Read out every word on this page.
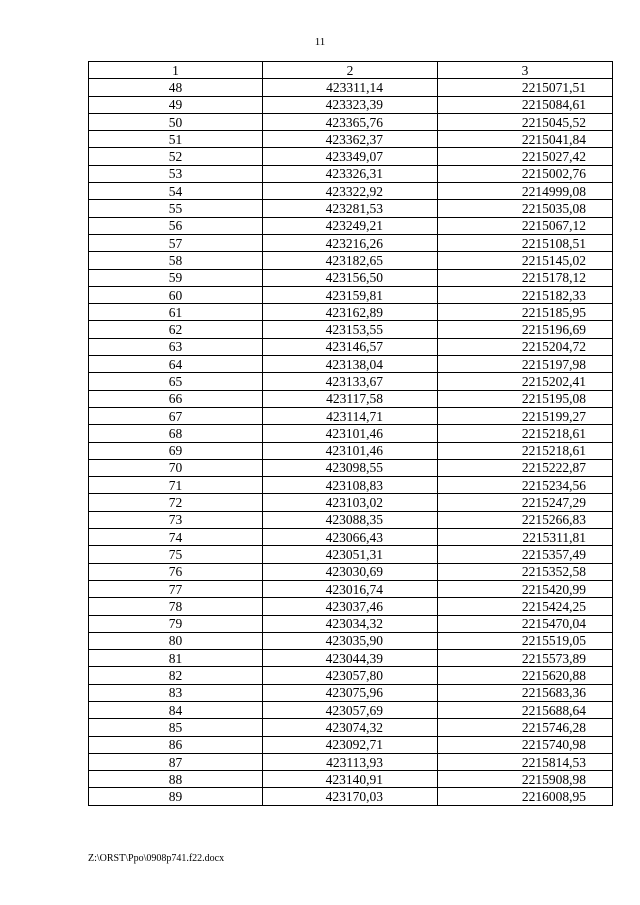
11
1	2	3
48	423311,14	2215071,51
49	423323,39	2215084,61
50	423365,76	2215045,52
51	423362,37	2215041,84
52	423349,07	2215027,42
53	423326,31	2215002,76
54	423322,92	2214999,08
55	423281,53	2215035,08
56	423249,21	2215067,12
57	423216,26	2215108,51
58	423182,65	2215145,02
59	423156,50	2215178,12
60	423159,81	2215182,33
61	423162,89	2215185,95
62	423153,55	2215196,69
63	423146,57	2215204,72
64	423138,04	2215197,98
65	423133,67	2215202,41
66	423117,58	2215195,08
67	423114,71	2215199,27
68	423101,46	2215218,61
69	423101,46	2215218,61
70	423098,55	2215222,87
71	423108,83	2215234,56
72	423103,02	2215247,29
73	423088,35	2215266,83
74	423066,43	2215311,81
75	423051,31	2215357,49
76	423030,69	2215352,58
77	423016,74	2215420,99
78	423037,46	2215424,25
79	423034,32	2215470,04
80	423035,90	2215519,05
81	423044,39	2215573,89
82	423057,80	2215620,88
83	423075,96	2215683,36
84	423057,69	2215688,64
85	423074,32	2215746,28
86	423092,71	2215740,98
87	423113,93	2215814,53
88	423140,91	2215908,98
89	423170,03	2216008,95
Z:\ORST\Ppo\0908p741.f22.docx
